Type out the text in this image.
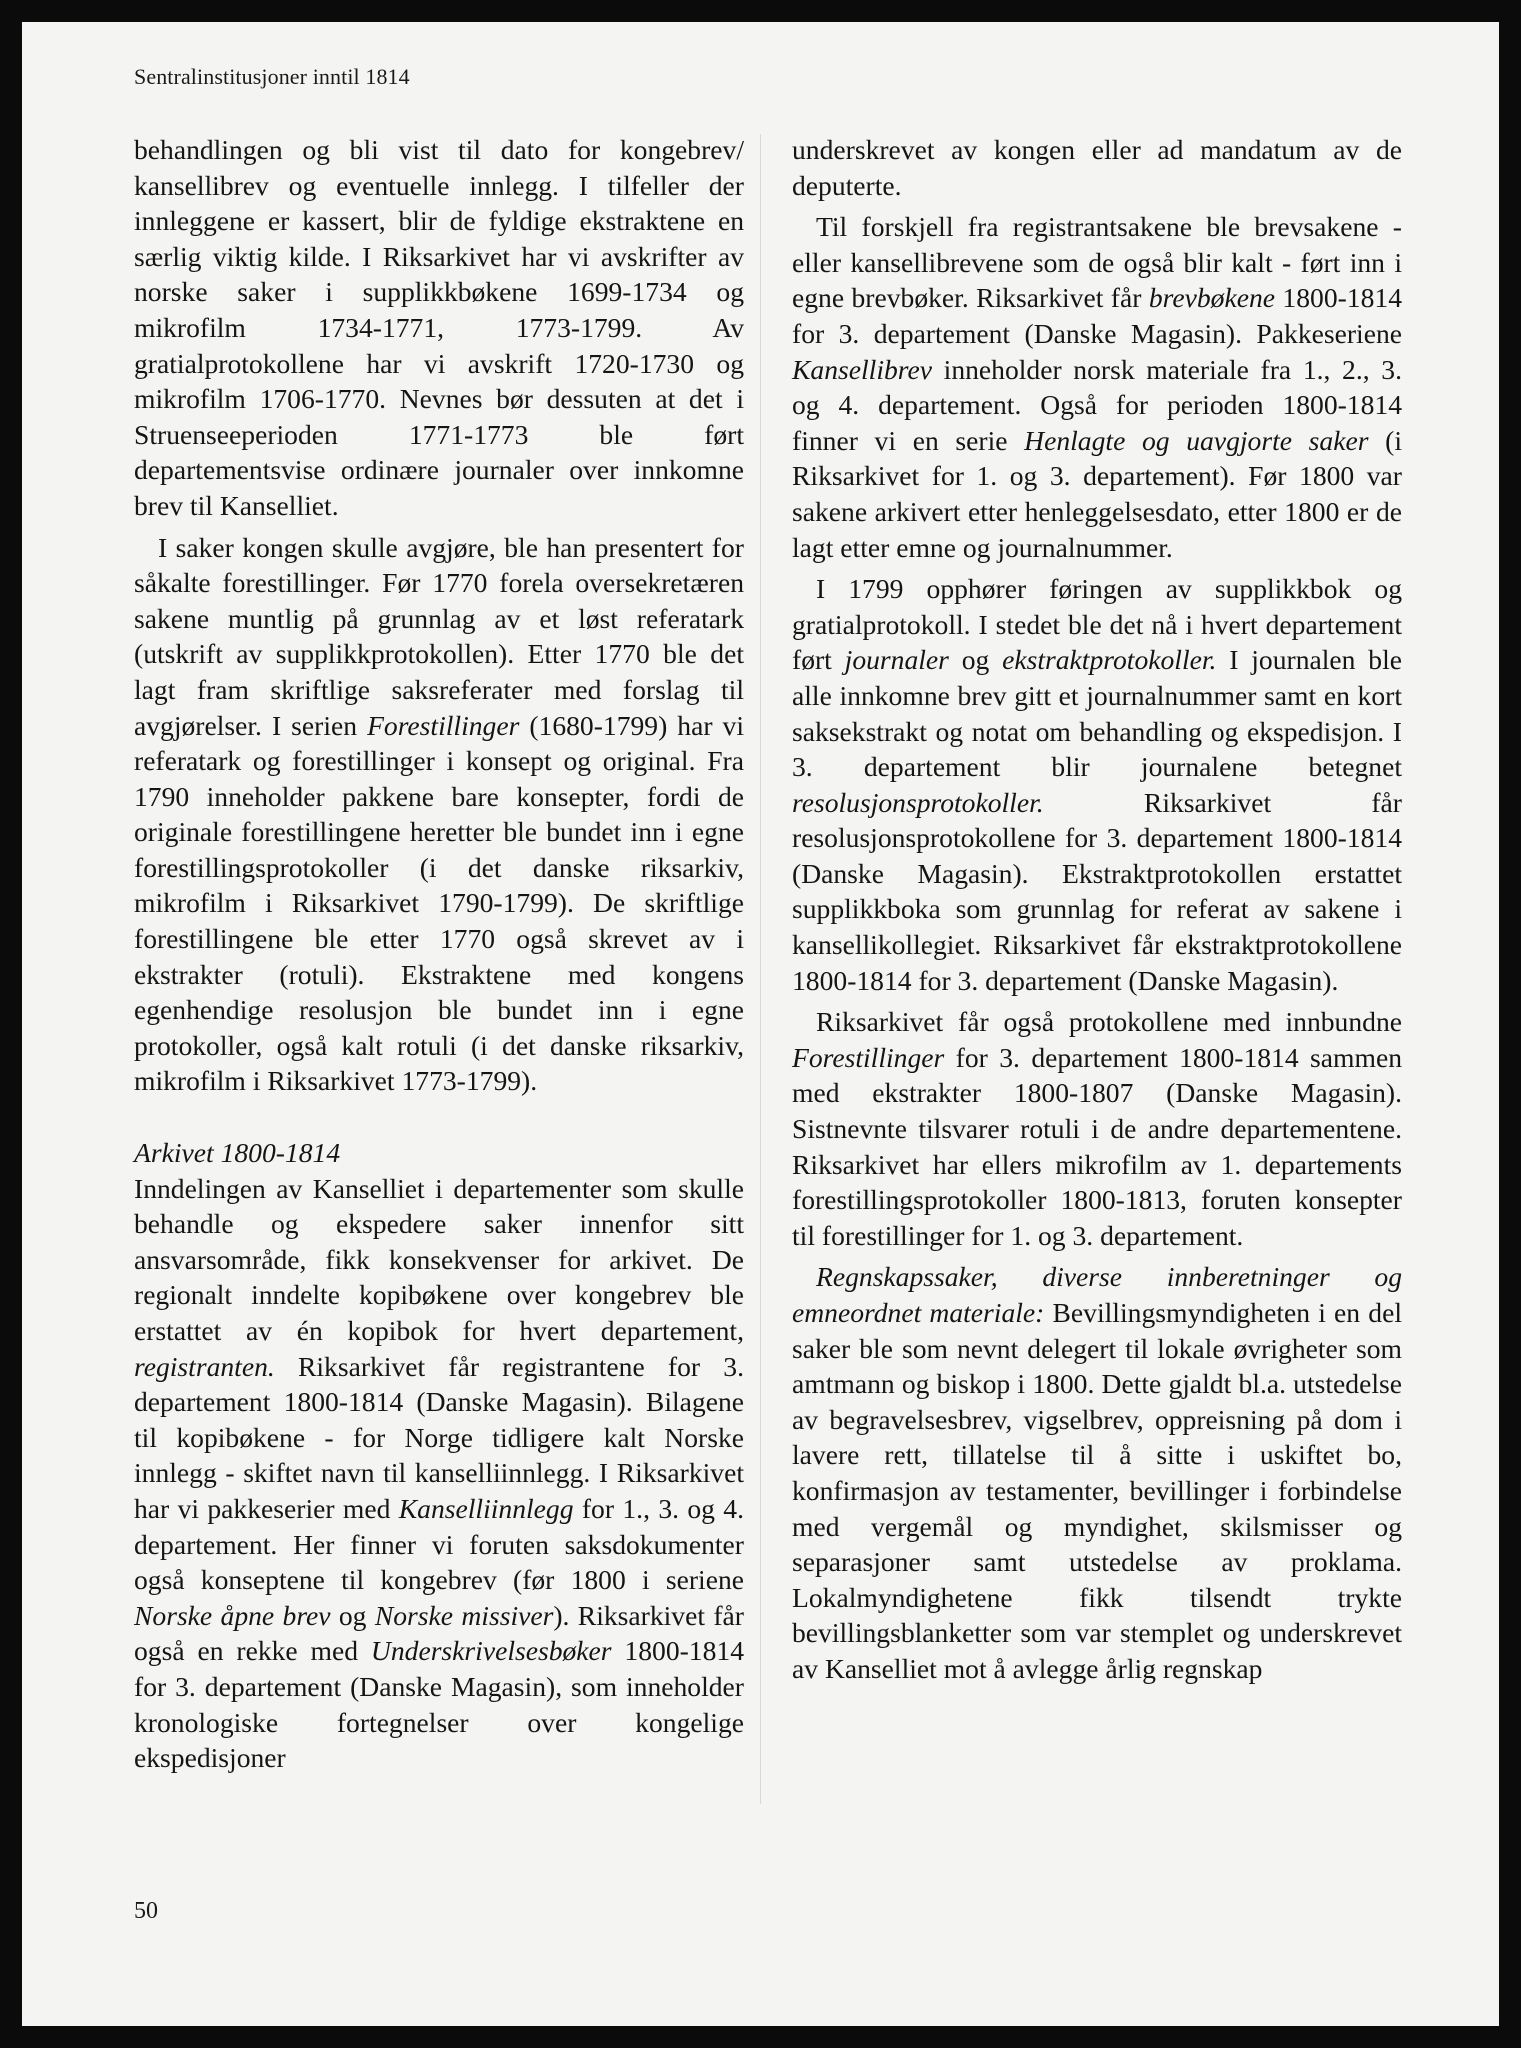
Sentralinstitusjoner inntil 1814

behandlingen og bli vist til dato for kongebrev/ kansellibrev og eventuelle innlegg. I tilfeller der innleggene er kassert, blir de fyldige ekstraktene en særlig viktig kilde. I Riksarkivet har vi avskrifter av norske saker i supplikkbøkene 1699-1734 og mikrofilm 1734-1771, 1773-1799. Av gratialprotokollene har vi avskrift 1720-1730 og mikrofilm 1706-1770. Nevnes bør dessuten at det i Struenseeperioden 1771-1773 ble ført departementsvise ordinære journaler over innkomne brev til Kanselliet.

I saker kongen skulle avgjøre, ble han presentert for såkalte forestillinger. Før 1770 forela oversekretæren sakene muntlig på grunnlag av et løst referatark (utskrift av supplikkprotokollen). Etter 1770 ble det lagt fram skriftlige saksreferater med forslag til avgjørelser. I serien Forestillinger (1680-1799) har vi referatark og forestillinger i konsept og original. Fra 1790 inneholder pakkene bare konsepter, fordi de originale forestillingene heretter ble bundet inn i egne forestillingsprotokoller (i det danske riksarkiv, mikrofilm i Riksarkivet 1790-1799). De skriftlige forestillingene ble etter 1770 også skrevet av i ekstrakter (rotuli). Ekstraktene med kongens egenhendige resolusjon ble bundet inn i egne protokoller, også kalt rotuli (i det danske riksarkiv, mikrofilm i Riksarkivet 1773-1799).

Arkivet 1800-1814

Inndelingen av Kanselliet i departementer som skulle behandle og ekspedere saker innenfor sitt ansvarsområde, fikk konsekvenser for arkivet. De regionalt inndelte kopibøkene over kongebrev ble erstattet av én kopibok for hvert departement, registranten. Riksarkivet får registrantene for 3. departement 1800-1814 (Danske Magasin). Bilagene til kopibøkene - for Norge tidligere kalt Norske innlegg - skiftet navn til kanselliinnlegg. I Riksarkivet har vi pakkeserier med Kanselliinnlegg for 1., 3. og 4. departement. Her finner vi foruten saksdokumenter også konseptene til kongebrev (før 1800 i seriene Norske åpne brev og Norske missiver). Riksarkivet får også en rekke med Underskrivelsesbøker 1800-1814 for 3. departement (Danske Magasin), som inneholder kronologiske fortegnelser over kongelige ekspedisjoner

underskrevet av kongen eller ad mandatum av de deputerte.

Til forskjell fra registrantsakene ble brevsakene - eller kansellibrevene som de også blir kalt - ført inn i egne brevbøker. Riksarkivet får brevbøkene 1800-1814 for 3. departement (Danske Magasin). Pakkeseriene Kansellibrev inneholder norsk materiale fra 1., 2., 3. og 4. departement. Også for perioden 1800-1814 finner vi en serie Henlagte og uavgjorte saker (i Riksarkivet for 1. og 3. departement). Før 1800 var sakene arkivert etter henleggelsesdato, etter 1800 er de lagt etter emne og journalnummer.

I 1799 opphører føringen av supplikkbok og gratialprotokoll. I stedet ble det nå i hvert departement ført journaler og ekstraktprotokoller. I journalen ble alle innkomne brev gitt et journalnummer samt en kort saksekstrakt og notat om behandling og ekspedisjon. I 3. departement blir journalene betegnet resolusjonsprotokoller. Riksarkivet får resolusjonsprotokollene for 3. departement 1800-1814 (Danske Magasin). Ekstraktprotokollen erstattet supplikkboka som grunnlag for referat av sakene i kansellikollegiet. Riksarkivet får ekstraktprotokollene 1800-1814 for 3. departement (Danske Magasin).

Riksarkivet får også protokollene med innbundne Forestillinger for 3. departement 1800-1814 sammen med ekstrakter 1800-1807 (Danske Magasin). Sistnevnte tilsvarer rotuli i de andre departementene. Riksarkivet har ellers mikrofilm av 1. departements forestillingsprotokoller 1800-1813, foruten konsepter til forestillinger for 1. og 3. departement.

Regnskapssaker, diverse innberetninger og emneordnet materiale: Bevillingsmyndigheten i en del saker ble som nevnt delegert til lokale øvrigheter som amtmann og biskop i 1800. Dette gjaldt bl.a. utstedelse av begravelsesbrev, vigselbrev, oppreisning på dom i lavere rett, tillatelse til å sitte i uskiftet bo, konfirmasjon av testamenter, bevillinger i forbindelse med vergemål og myndighet, skilsmisser og separasjoner samt utstedelse av proklama. Lokalmyndighetene fikk tilsendt trykte bevillingsblanketter som var stemplet og underskrevet av Kanselliet mot å avlegge årlig regnskap

50
